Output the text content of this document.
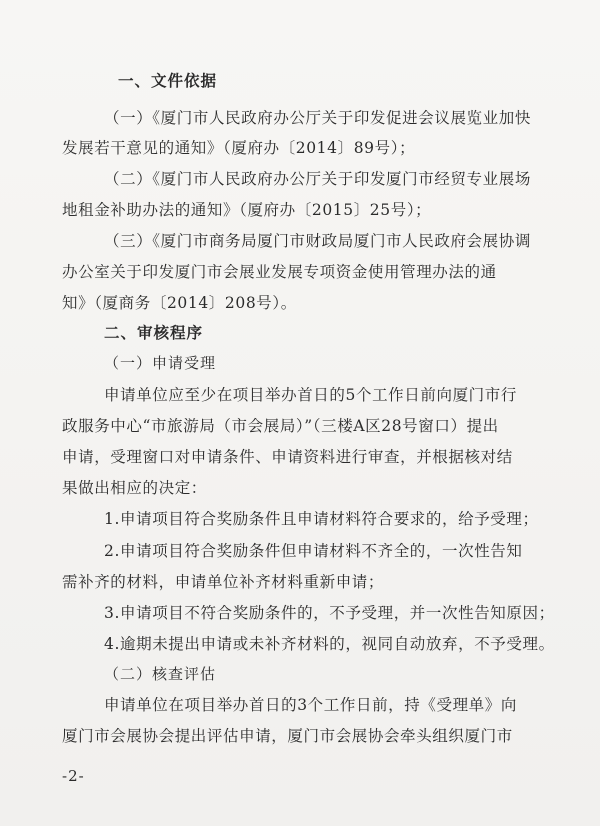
一、文件依据
（一）《厦门市人民政府办公厅关于印发促进会议展览业加快
发展若干意见的通知》（厦府办〔2014〕89号）；
（二）《厦门市人民政府办公厅关于印发厦门市经贸专业展场
地租金补助办法的通知》（厦府办〔2015〕25号）；
（三）《厦门市商务局厦门市财政局厦门市人民政府会展协调
办公室关于印发厦门市会展业发展专项资金使用管理办法的通
知》（厦商务〔2014〕208号）。
二、审核程序
（一）申请受理
申请单位应至少在项目举办首日的5个工作日前向厦门市行
政服务中心“市旅游局（市会展局）”（三楼A区28号窗口）提出
申请，受理窗口对申请条件、申请资料进行审查，并根据核对结
果做出相应的决定：
1.申请项目符合奖励条件且申请材料符合要求的，给予受理；
2.申请项目符合奖励条件但申请材料不齐全的，一次性告知
需补齐的材料，申请单位补齐材料重新申请；
3.申请项目不符合奖励条件的，不予受理，并一次性告知原因；
4.逾期未提出申请或未补齐材料的，视同自动放弃，不予受理。
（二）核查评估
申请单位在项目举办首日的3个工作日前，持《受理单》向
厦门市会展协会提出评估申请，厦门市会展协会牵头组织厦门市
-2-
